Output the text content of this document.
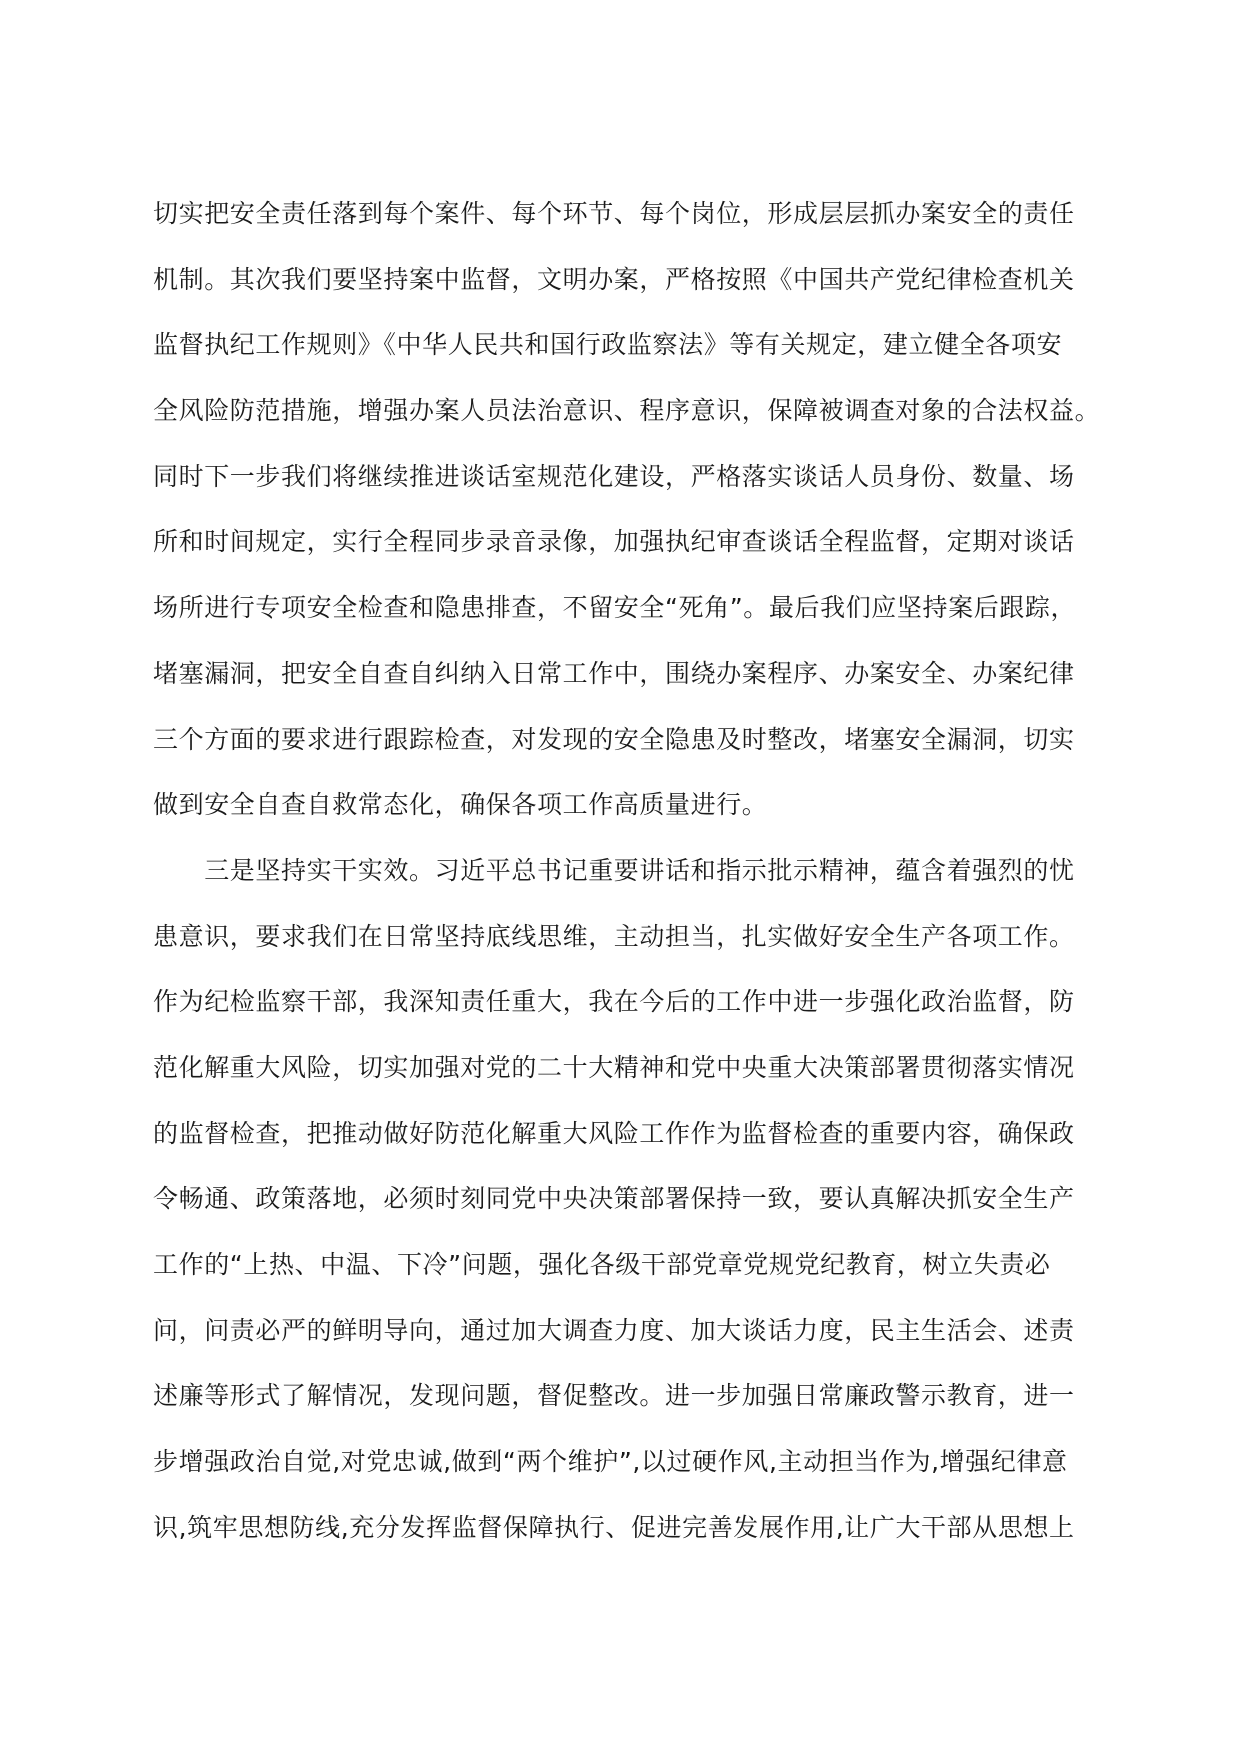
切实把安全责任落到每个案件、每个环节、每个岗位，形成层层抓办案安全的责任
机制。其次我们要坚持案中监督，文明办案，严格按照《中国共产党纪律检查机关
监督执纪工作规则》《中华人民共和国行政监察法》等有关规定，建立健全各项安
全风险防范措施，增强办案人员法治意识、程序意识，保障被调查对象的合法权益。
同时下一步我们将继续推进谈话室规范化建设，严格落实谈话人员身份、数量、场
所和时间规定，实行全程同步录音录像，加强执纪审查谈话全程监督，定期对谈话
场所进行专项安全检查和隐患排查，不留安全“死角”。最后我们应坚持案后跟踪，
堵塞漏洞，把安全自查自纠纳入日常工作中，围绕办案程序、办案安全、办案纪律
三个方面的要求进行跟踪检查，对发现的安全隐患及时整改，堵塞安全漏洞，切实
做到安全自查自救常态化，确保各项工作高质量进行。
　　三是坚持实干实效。习近平总书记重要讲话和指示批示精神，蕴含着强烈的忧
患意识，要求我们在日常坚持底线思维，主动担当，扎实做好安全生产各项工作。
作为纪检监察干部，我深知责任重大，我在今后的工作中进一步强化政治监督，防
范化解重大风险，切实加强对党的二十大精神和党中央重大决策部署贯彻落实情况
的监督检查，把推动做好防范化解重大风险工作作为监督检查的重要内容，确保政
令畅通、政策落地，必须时刻同党中央决策部署保持一致，要认真解决抓安全生产
工作的“上热、中温、下冷”问题，强化各级干部党章党规党纪教育，树立失责必
问，问责必严的鲜明导向，通过加大调查力度、加大谈话力度，民主生活会、述责
述廉等形式了解情况，发现问题，督促整改。进一步加强日常廉政警示教育，进一
步增强政治自觉,对党忠诚,做到“两个维护”,以过硬作风,主动担当作为,增强纪律意
识,筑牢思想防线,充分发挥监督保障执行、促进完善发展作用,让广大干部从思想上
